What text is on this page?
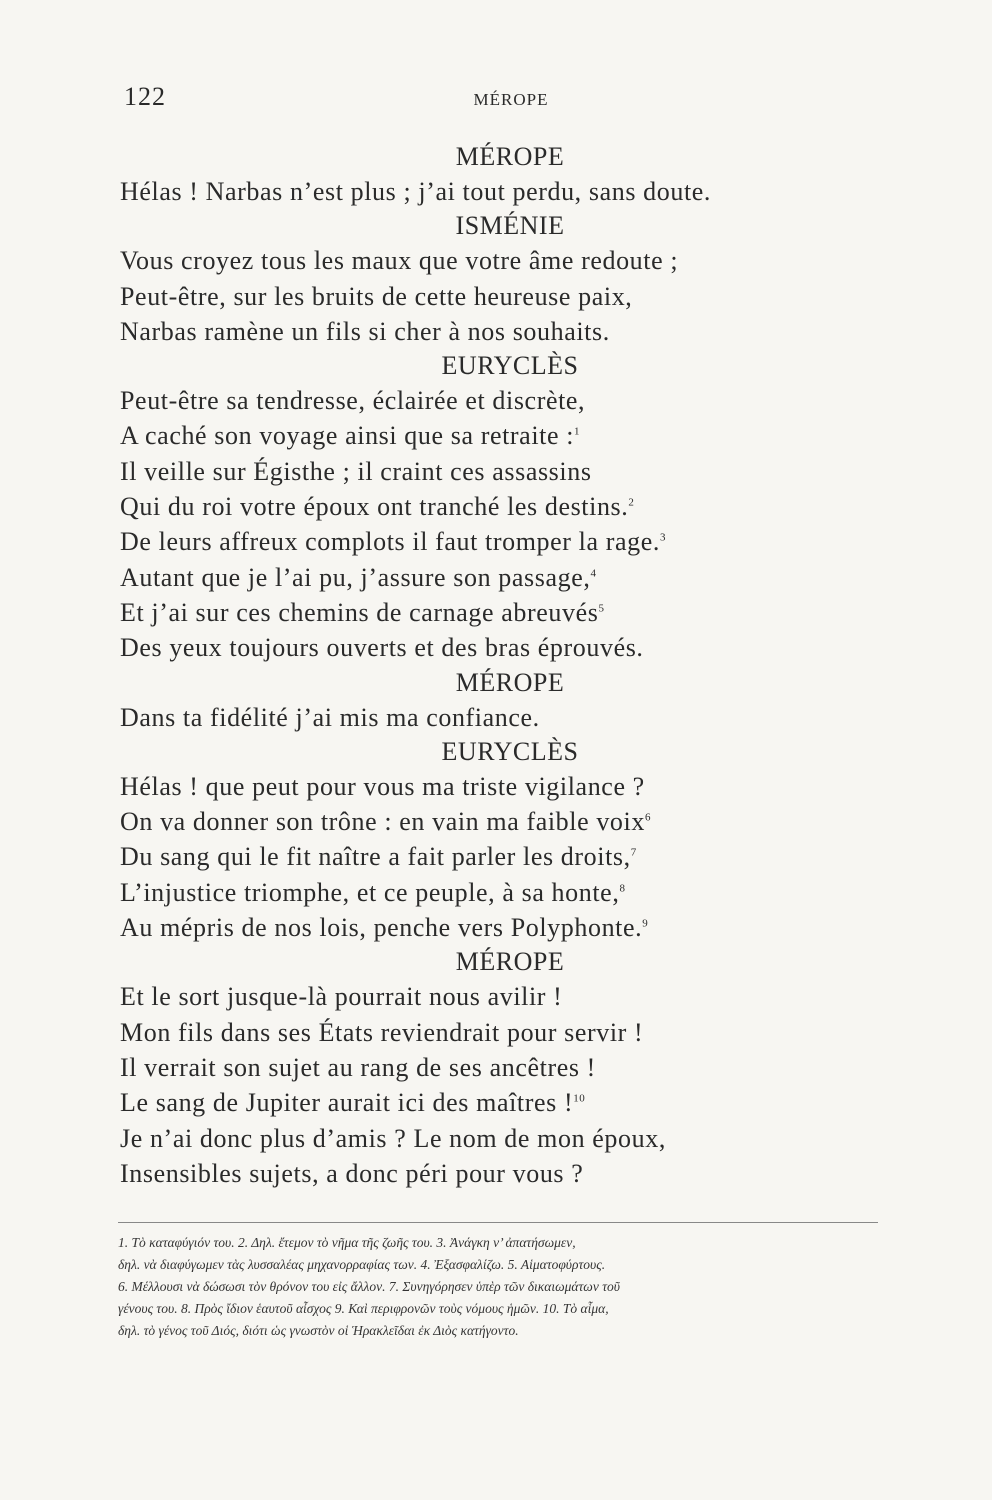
122	MÉROPE
MÉROPE
Hélas ! Narbas n’est plus ; j’ai tout perdu, sans doute.
ISMÉNIE
Vous croyez tous les maux que votre âme redoute ;
Peut-être, sur les bruits de cette heureuse paix,
Narbas ramène un fils si cher à nos souhaits.
EURYCLÈS
Peut-être sa tendresse, éclairée et discrète,
A caché son voyage ainsi que sa retraite :$^1$
Il veille sur Égisthe ; il craint ces assassins
Qui du roi votre époux ont tranché les destins.$^2$
De leurs affreux complots il faut tromper la rage.$^3$
Autant que je l’ai pu, j’assure son passage,$^4$
Et j’ai sur ces chemins de carnage abreuvés$^5$
Des yeux toujours ouverts et des bras éprouvés.
MÉROPE
Dans ta fidélité j’ai mis ma confiance.
EURYCLÈS
Hélas ! que peut pour vous ma triste vigilance ?
On va donner son trône : en vain ma faible voix$^6$
Du sang qui le fit naître a fait parler les droits,$^7$
L’injustice triomphe, et ce peuple, à sa honte,$^8$
Au mépris de nos lois, penche vers Polyphonte.$^9$
MÉROPE
Et le sort jusque-là pourrait nous avilir !
Mon fils dans ses États reviendrait pour servir !
Il verrait son sujet au rang de ses ancêtres !
Le sang de Jupiter aurait ici des maîtres !$^{10}$
Je n’ai donc plus d’amis ? Le nom de mon époux,
Insensibles sujets, a donc péri pour vous ?
1. Τὸ καταφύγιόν του. 2. Δηλ. ἔτεμον τὸ νῆμα τῆς ζωῆς του. 3. Ἀνάγκη ν’ ἀπατήσωμεν,
δηλ. νὰ διαφύγωμεν τὰς λυσσαλέας μηχανορραφίας των. 4. Ἐξασφαλίζω. 5. Αἱματοφύρτους.
6. Μέλλουσι νὰ δώσωσι τὸν θρόνον του εἰς ἄλλον. 7. Συνηγόρησεν ὑπὲρ τῶν δικαιωμάτων τοῦ
γένους του. 8. Πρὸς ἴδιον ἑαυτοῦ αἶσχος 9. Καὶ περιφρονῶν τοὺς νόμους ἡμῶν. 10. Τὸ αἷμα,
δηλ. τὸ γένος τοῦ Διός, διότι ὡς γνωστὸν οἱ Ἡρακλεῖδαι ἐκ Διὸς κατήγοντο.
